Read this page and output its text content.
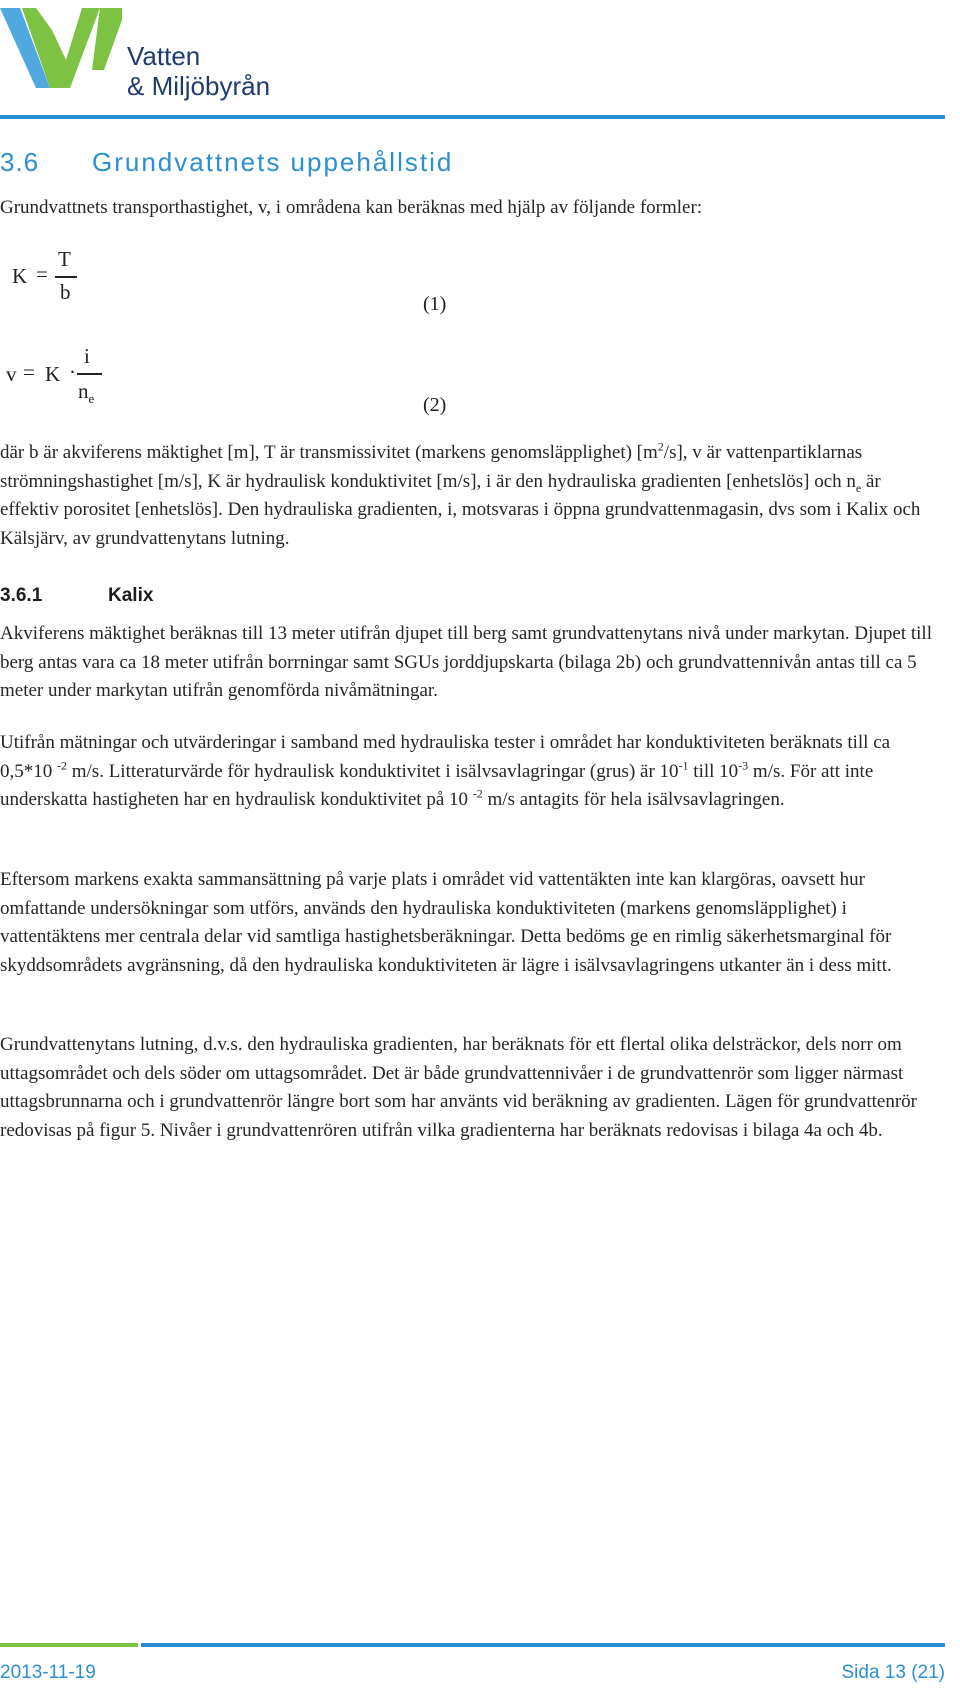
Vatten
& Miljöbyrån
3.6 Grundvattnets uppehållstid
Grundvattnets transporthastighet, v, i områdena kan beräknas med hjälp av följande formler:
K =
T
b	(1)
v = K ·
i
$n_e$	(2)
där b är akviferens mäktighet [m], T är transmissivitet (markens genomsläpplighet) $[m^2/s]$, v är vattenpartiklarnas strömningshastighet [m/s], K är hydraulisk konduktivitet [m/s], i är den hydrauliska gradienten [enhetslös] och $n_e$ är effektiv porositet [enhetslös]. Den hydrauliska gradienten, i, motsvaras i öppna grundvattenmagasin, dvs som i Kalix och Kälsjärv, av grundvattenytans lutning.
3.6.1	Kalix
Akviferens mäktighet beräknas till 13 meter utifrån djupet till berg samt grundvattenytans nivå under markytan. Djupet till berg antas vara ca 18 meter utifrån borrningar samt SGUs jorddjupskarta (bilaga 2b) och grundvattennivån antas till ca 5 meter under markytan utifrån genomförda nivåmätningar.
Utifrån mätningar och utvärderingar i samband med hydrauliska tester i området har konduktiviteten beräknats till ca 0,5*10 $^{-2}$ m/s. Litteraturvärde för hydraulisk konduktivitet i isälvsavlagringar (grus) är $10^{-1}$ till $10^{-3}$ m/s. För att inte underskatta hastigheten har en hydraulisk konduktivitet på 10 $^{-2}$ m/s antagits för hela isälvsavlagringen.
Eftersom markens exakta sammansättning på varje plats i området vid vattentäkten inte kan klargöras, oavsett hur omfattande undersökningar som utförs, används den hydrauliska konduktiviteten (markens genomsläpplighet) i vattentäktens mer centrala delar vid samtliga hastighetsberäkningar. Detta bedöms ge en rimlig säkerhetsmarginal för skyddsområdets avgränsning, då den hydrauliska konduktiviteten är lägre i isälvsavlagringens utkanter än i dess mitt.
Grundvattenytans lutning, d.v.s. den hydrauliska gradienten, har beräknats för ett flertal olika delsträckor, dels norr om uttagsområdet och dels söder om uttagsområdet. Det är både grundvattennivåer i de grundvattenrör som ligger närmast uttagsbrunnarna och i grundvattenrör längre bort som har använts vid beräkning av gradienten. Lägen för grundvattenrör redovisas på figur 5. Nivåer i grundvattenrören utifrån vilka gradienterna har beräknats redovisas i bilaga 4a och 4b.
2013-11-19	Sida 13 (21)
